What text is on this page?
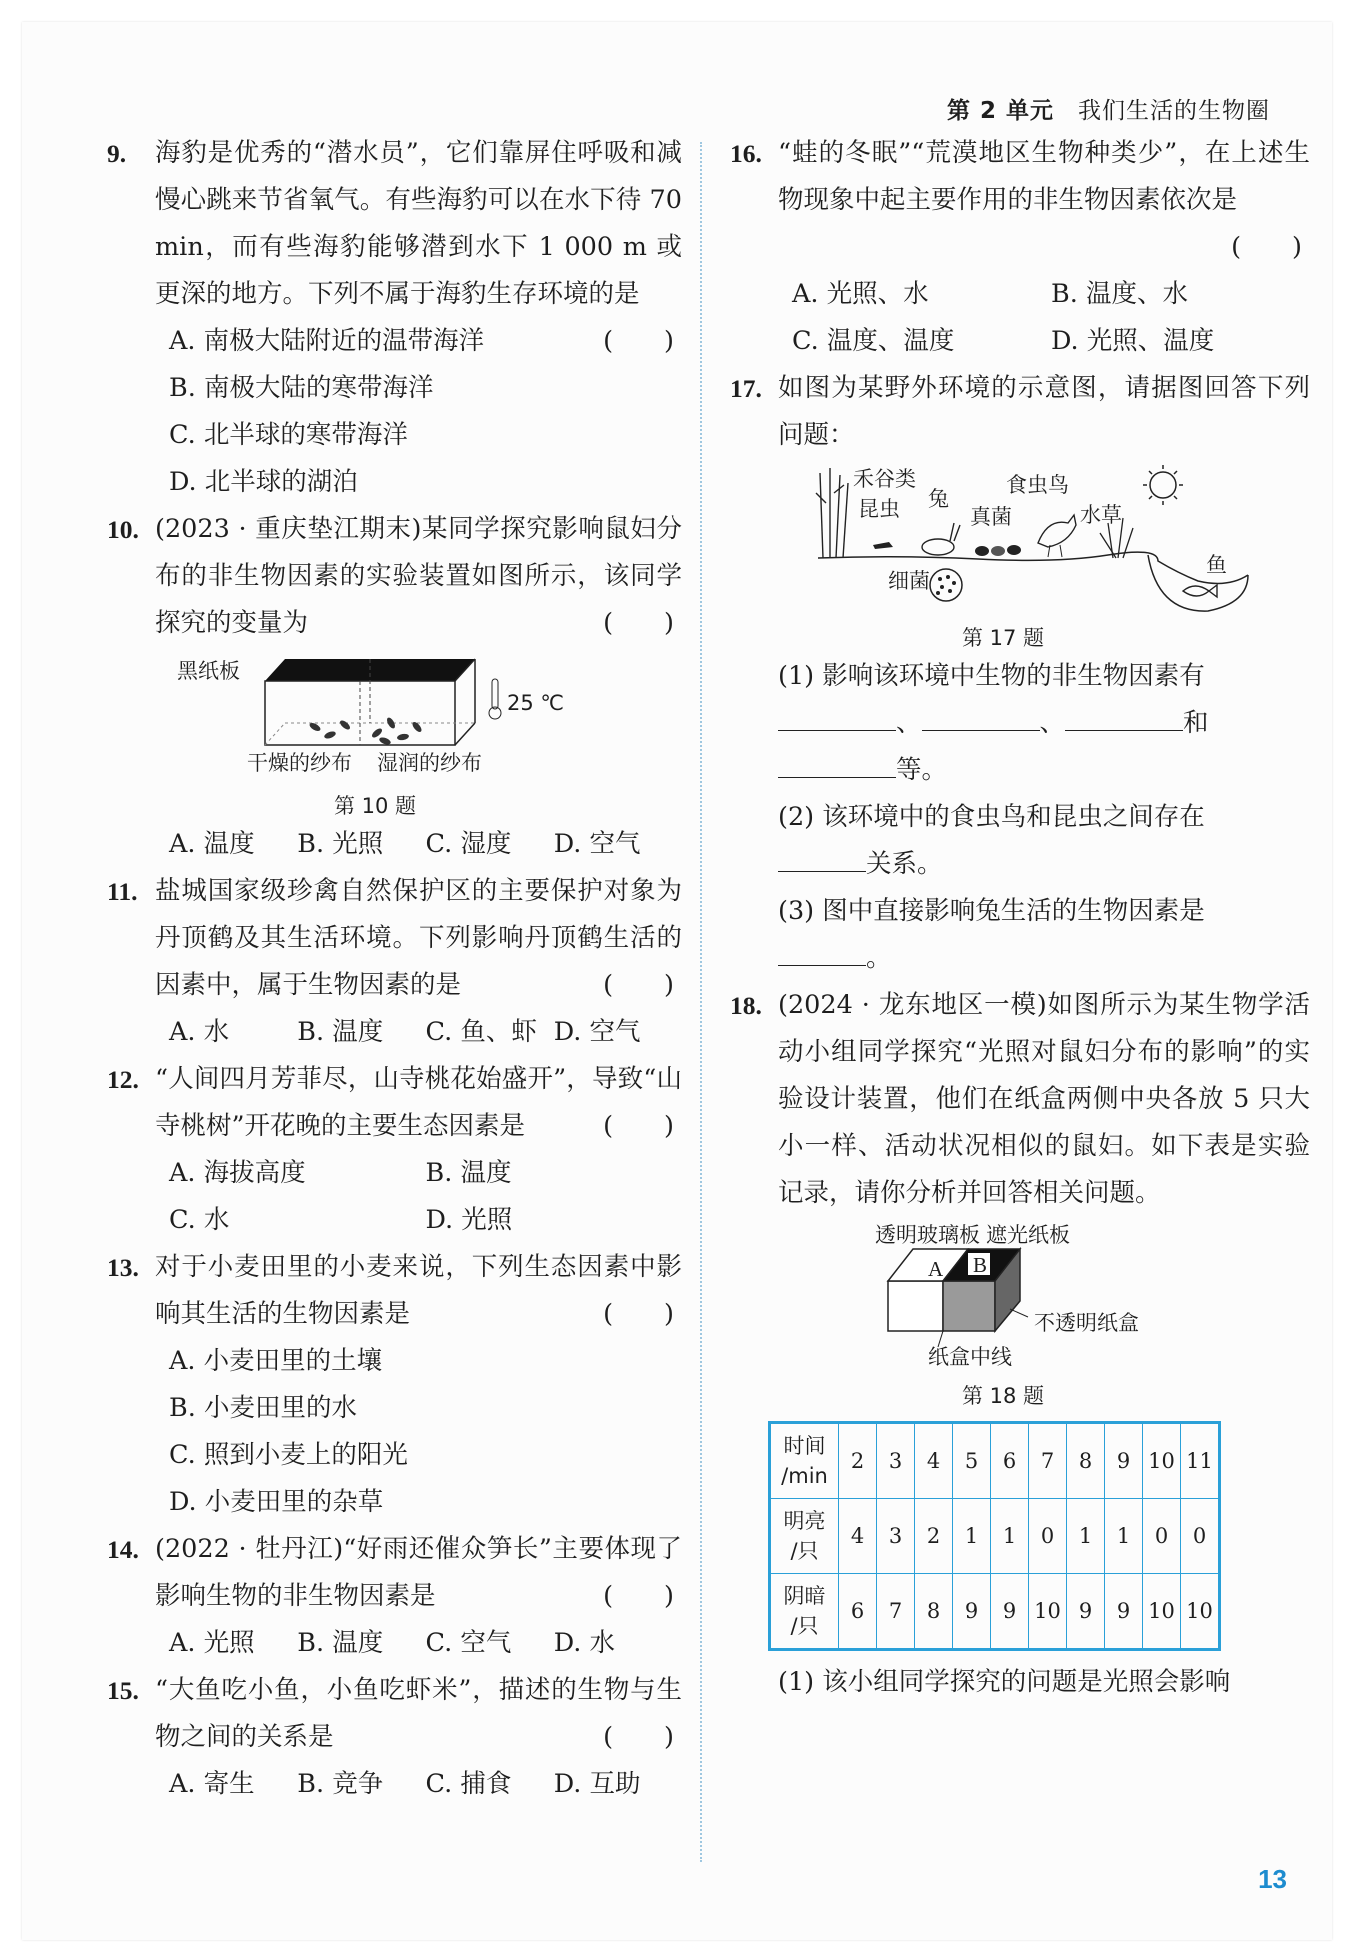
第 2 单元 我们生活的生物圈
9. 海豹是优秀的“潜水员”，它们靠屏住呼吸和减慢心跳来节省氧气。有些海豹可以在水下待 70 min，而有些海豹能够潜到水下 1 000 m 或更深的地方。下列不属于海豹生存环境的是
(　　)
A. 南极大陆附近的温带海洋
B. 南极大陆的寒带海洋
C. 北半球的寒带海洋
D. 北半球的湖泊
10. (2023 · 重庆垫江期末)某同学探究影响鼠妇分布的非生物因素的实验装置如图所示，该同学探究的变量为	(　　)
黑纸板
25 ℃
干燥的纱布 湿润的纱布
第 10 题
A. 温度	B. 光照	C. 湿度	D. 空气
11. 盐城国家级珍禽自然保护区的主要保护对象为丹顶鹤及其生活环境。下列影响丹顶鹤生活的因素中，属于生物因素的是	(　　)
A. 水	B. 温度	C. 鱼、虾 D. 空气
12. “人间四月芳菲尽，山寺桃花始盛开”，导致“山寺桃树”开花晚的主要生态因素是	(　　)
A. 海拔高度	B. 温度
C. 水	D. 光照
13. 对于小麦田里的小麦来说，下列生态因素中影响其生活的生物因素是	(　　)
A. 小麦田里的土壤
B. 小麦田里的水
C. 照到小麦上的阳光
D. 小麦田里的杂草
14. (2022 · 牡丹江)“好雨还催众笋长”主要体现了影响生物的非生物因素是	(　　)
A. 光照	B. 温度	C. 空气	D. 水
15. “大鱼吃小鱼，小鱼吃虾米”，描述的生物与生物之间的关系是	(　　)
A. 寄生	B. 竞争	C. 捕食	D. 互助
16. “蛙的冬眠”“荒漠地区生物种类少”，在上述生物现象中起主要作用的非生物因素依次是
(　　)
A. 光照、水	B. 温度、水
C. 温度、温度	D. 光照、温度
17. 如图为某野外环境的示意图，请据图回答下列问题：
禾谷类
昆虫 兔
食虫鸟
真菌	水草
细菌
鱼
第 17 题
(1) 影响该环境中生物的非生物因素有
、	、	和
等。
(2) 该环境中的食虫鸟和昆虫之间存在
关系。
(3) 图中直接影响兔生活的生物因素是
。
18. (2024 · 龙东地区一模)如图所示为某生物学活动小组同学探究“光照对鼠妇分布的影响”的实验设计装置，他们在纸盒两侧中央各放 5 只大小一样、活动状况相似的鼠妇。如下表是实验记录，请你分析并回答相关问题。
透明玻璃板 遮光纸板
A B
不透明纸盒
纸盒中线
第 18 题
时间
/min	2	3	4	5	6	7	8	9	10	11

明亮
/只	4	3	2	1	1	0	1	1	0	0

阴暗
/只	6	7	8	9	9	10	9	9	10	10
(1) 该小组同学探究的问题是光照会影响
13
